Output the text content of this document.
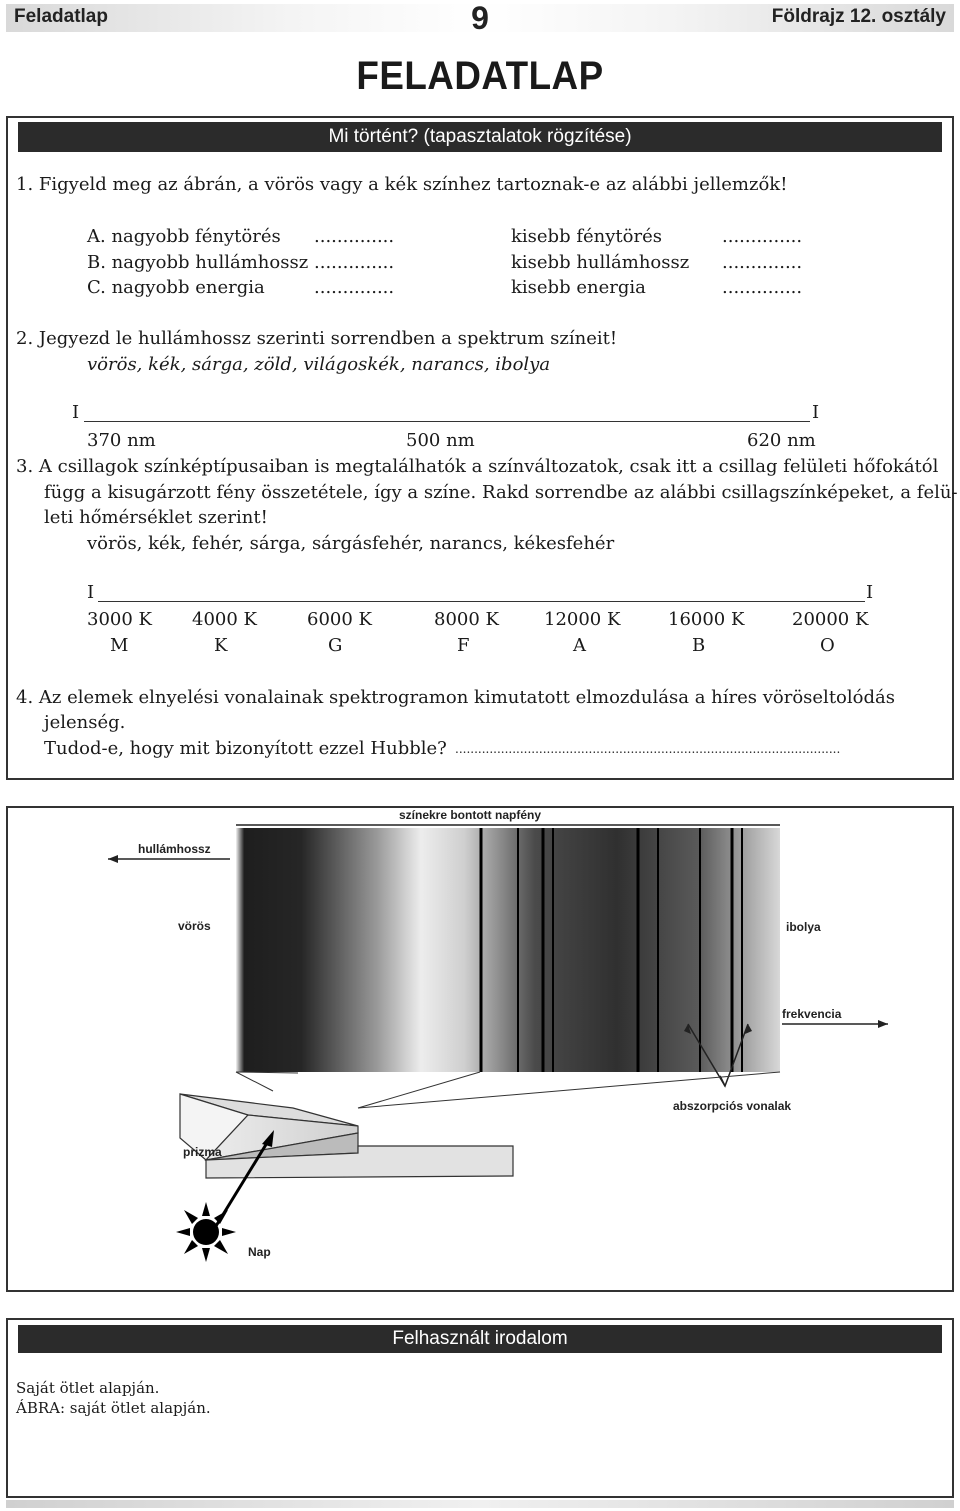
Feladatlap	9	Földrajz 12. osztály
FELADATLAP
Mi történt? (tapasztalatok rögzítése)
1. Figyeld meg az ábrán, a vörös vagy a kék színhez tartoznak-e az alábbi jellemzők!
A. nagyobb fénytörés ..............	kisebb fénytörés	..............
B. nagyobb hullámhossz ..............	kisebb hullámhossz ..............
C. nagyobb energia	..............	kisebb energia	..............
2. Jegyezd le hullámhossz szerinti sorrendben a spektrum színeit!
vörös, kék, sárga, zöld, világoskék, narancs, ibolya
I	I
370 nm	500 nm	620 nm
3. A csillagok színképtípusaiban is megtalálhatók a színváltozatok, csak itt a csillag felületi hőfokától
függ a kisugárzott fény összetétele, így a színe. Rakd sorrendbe az alábbi csillagszínképeket, a felü-
leti hőmérséklet szerint!
vörös, kék, fehér, sárga, sárgásfehér, narancs, kékesfehér
I	I
3000 K 4000 K	6000 K	8000 K	12000 K	16000 K	20000 K
M	K	G	F	A	B	O
4. Az elemek elnyelési vonalainak spektrogramon kimutatott elmozdulása a híres vöröseltolódás
jelenség.
Tudod-e, hogy mit bizonyított ezzel Hubble? .....................................................................................................
színekre bontott napfény
hullámhossz
vörös	ibolya
frekvencia
abszorpciós vonalak
prizma
Nap
Felhasznált irodalom
Saját ötlet alapján.
ÁBRA: saját ötlet alapján.
